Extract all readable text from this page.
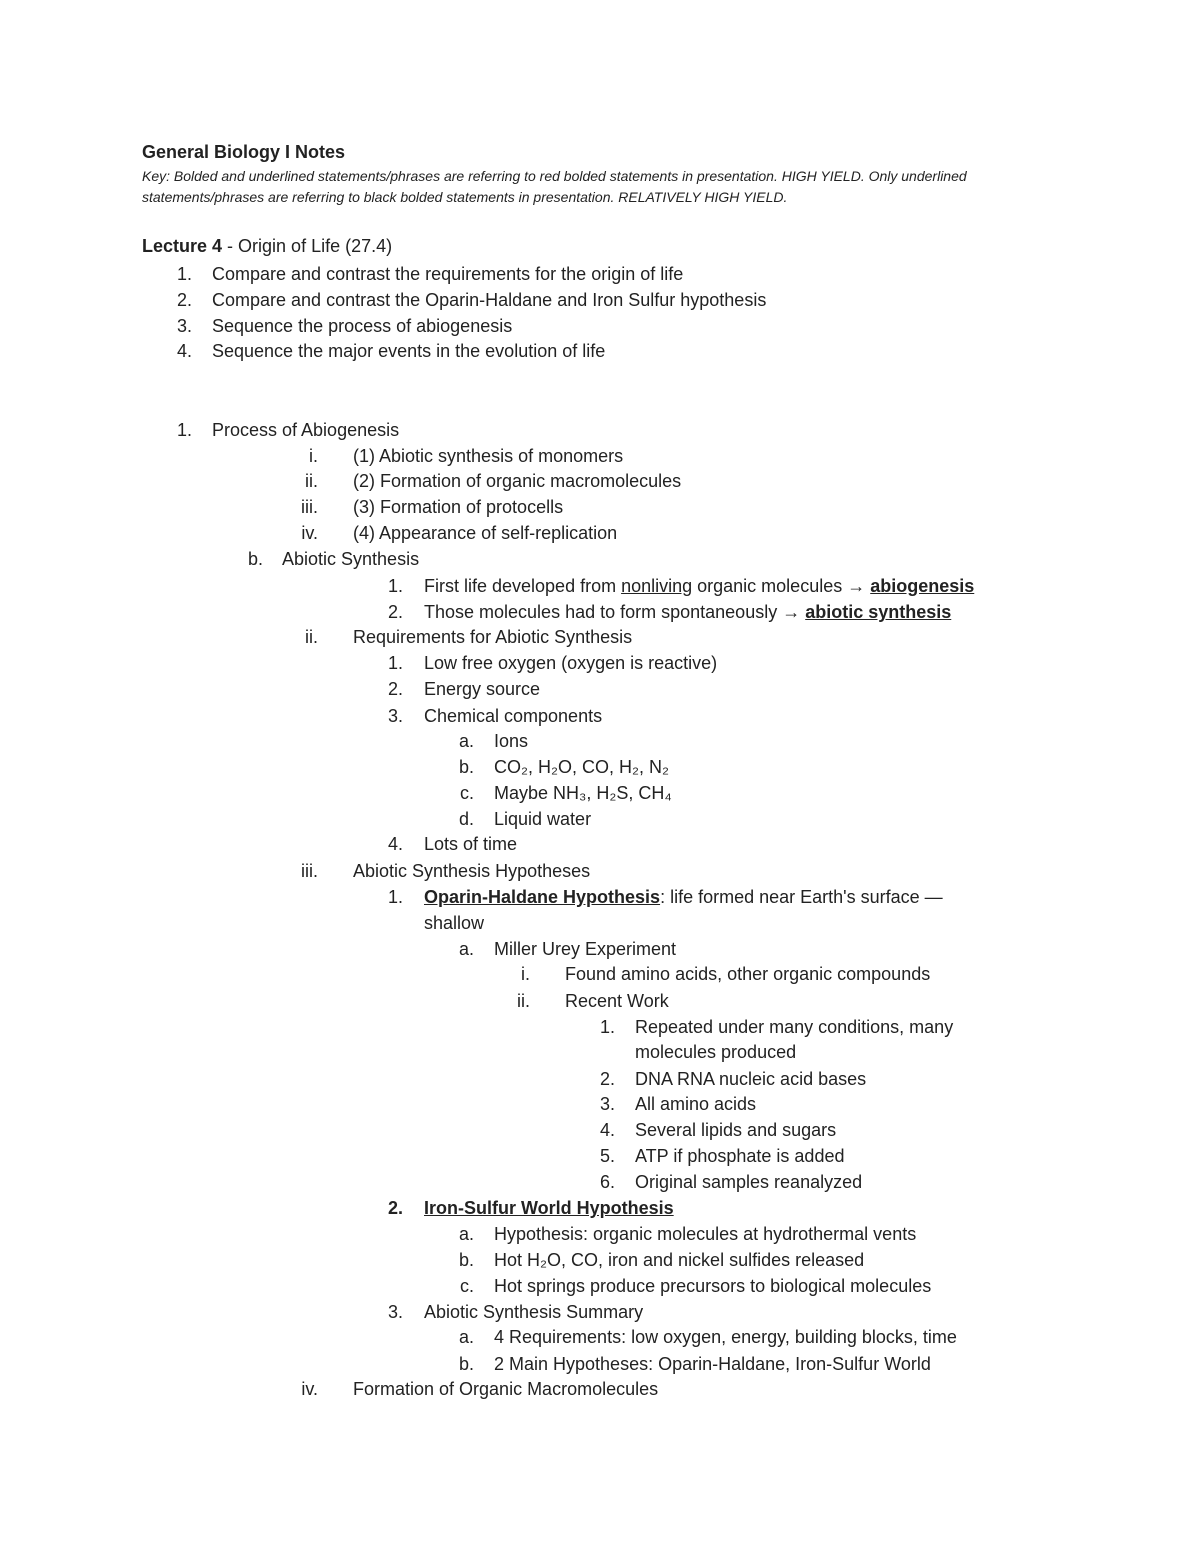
General Biology I Notes
Key: Bolded and underlined statements/phrases are referring to red bolded statements in presentation. HIGH YIELD. Only underlined statements/phrases are referring to black bolded statements in presentation. RELATIVELY HIGH YIELD.
Lecture 4 - Origin of Life (27.4)
1. Compare and contrast the requirements for the origin of life
2. Compare and contrast the Oparin-Haldane and Iron Sulfur hypothesis
3. Sequence the process of abiogenesis
4. Sequence the major events in the evolution of life
1. Process of Abiogenesis
i. (1) Abiotic synthesis of monomers
ii. (2) Formation of organic macromolecules
iii. (3) Formation of protocells
iv. (4) Appearance of self-replication
b. Abiotic Synthesis
1. First life developed from nonliving organic molecules → abiogenesis
2. Those molecules had to form spontaneously → abiotic synthesis
ii. Requirements for Abiotic Synthesis
1. Low free oxygen (oxygen is reactive)
2. Energy source
3. Chemical components
a. Ions
b. CO₂, H₂O, CO, H₂, N₂
c. Maybe NH₃, H₂S, CH₄
d. Liquid water
4. Lots of time
iii. Abiotic Synthesis Hypotheses
1. Oparin-Haldane Hypothesis: life formed near Earth's surface —
shallow
a. Miller Urey Experiment
i. Found amino acids, other organic compounds
ii. Recent Work
1. Repeated under many conditions, many
molecules produced
2. DNA RNA nucleic acid bases
3. All amino acids
4. Several lipids and sugars
5. ATP if phosphate is added
6. Original samples reanalyzed
2. Iron-Sulfur World Hypothesis
a. Hypothesis: organic molecules at hydrothermal vents
b. Hot H₂O, CO, iron and nickel sulfides released
c. Hot springs produce precursors to biological molecules
3. Abiotic Synthesis Summary
a. 4 Requirements: low oxygen, energy, building blocks, time
b. 2 Main Hypotheses: Oparin-Haldane, Iron-Sulfur World
iv. Formation of Organic Macromolecules
